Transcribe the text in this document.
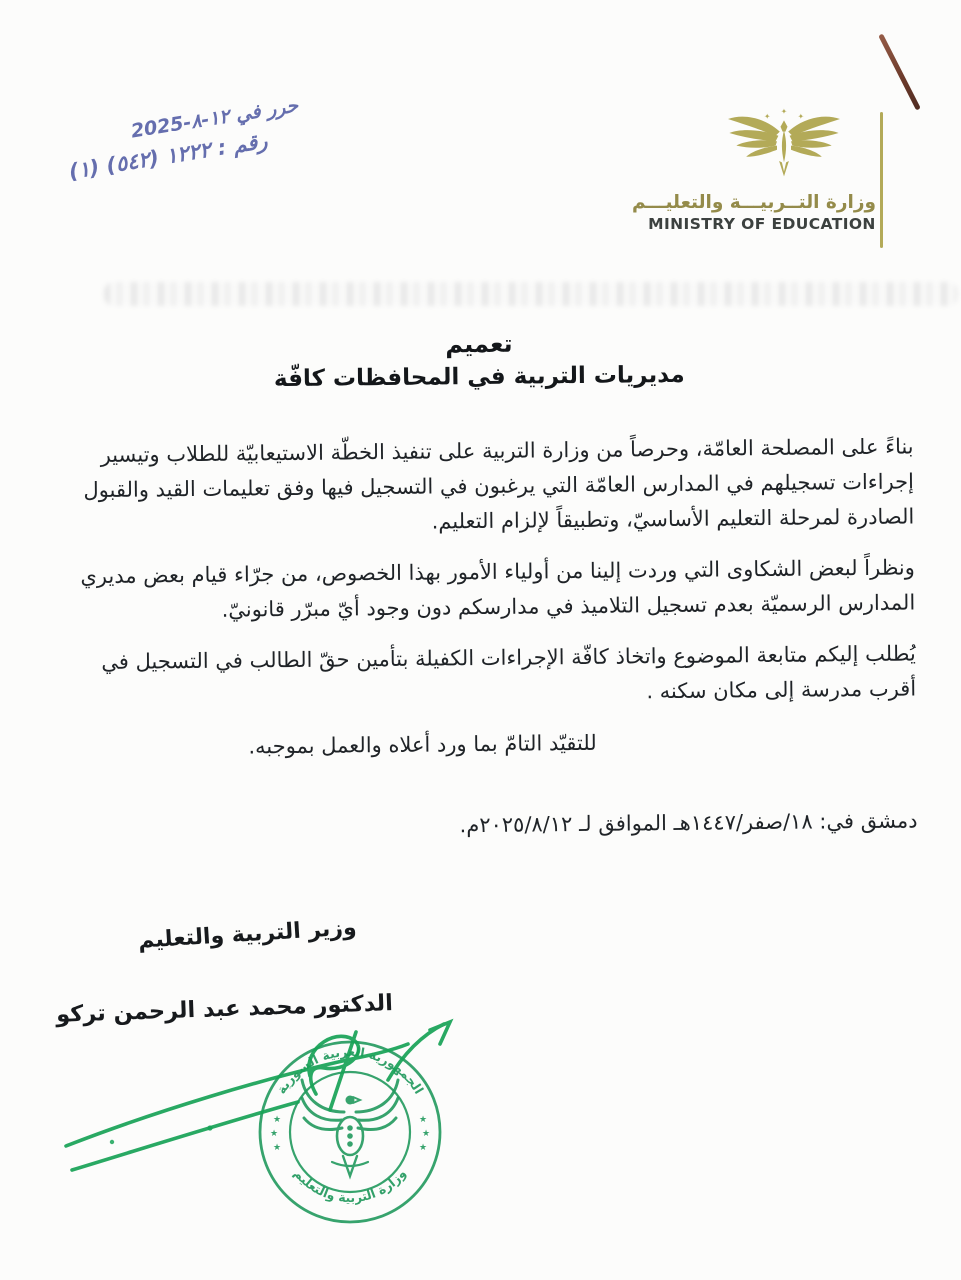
حرر في ١٢-٨-2025
رقم : ١٢٢٢ (٥٤٢) (١)
✦
✦
✦
وزارة التــربيـــة والتعليـــم
MINISTRY OF EDUCATION
تعميم
مديريات التربية في المحافظات كافّة

بناءً على المصلحة العامّة، وحرصاً من وزارة التربية على تنفيذ الخطّة الاستيعابيّة للطلاب وتيسير إجراءات تسجيلهم في المدارس العامّة التي يرغبون في التسجيل فيها وفق تعليمات القيد والقبول الصادرة لمرحلة التعليم الأساسيّ، وتطبيقاً لإلزام التعليم.

ونظراً لبعض الشكاوى التي وردت إلينا من أولياء الأمور بهذا الخصوص، من جرّاء قيام بعض مديري المدارس الرسميّة بعدم تسجيل التلاميذ في مدارسكم دون وجود أيّ مبرّر قانونيّ.

يُطلب إليكم متابعة الموضوع واتخاذ كافّة الإجراءات الكفيلة بتأمين حقّ الطالب في التسجيل في أقرب مدرسة إلى مكان سكنه .

للتقيّد التامّ بما ورد أعلاه والعمل بموجبه.

دمشق في: ١٨/صفر/١٤٤٧هـ الموافق لـ ٢٠٢٥/٨/١٢م.

وزير التربية والتعليم
الدكتور محمد عبد الرحمن تركو
الجمهورية العربية السورية
وزارة التربية والتعليم
★
★
★
★
★
★
